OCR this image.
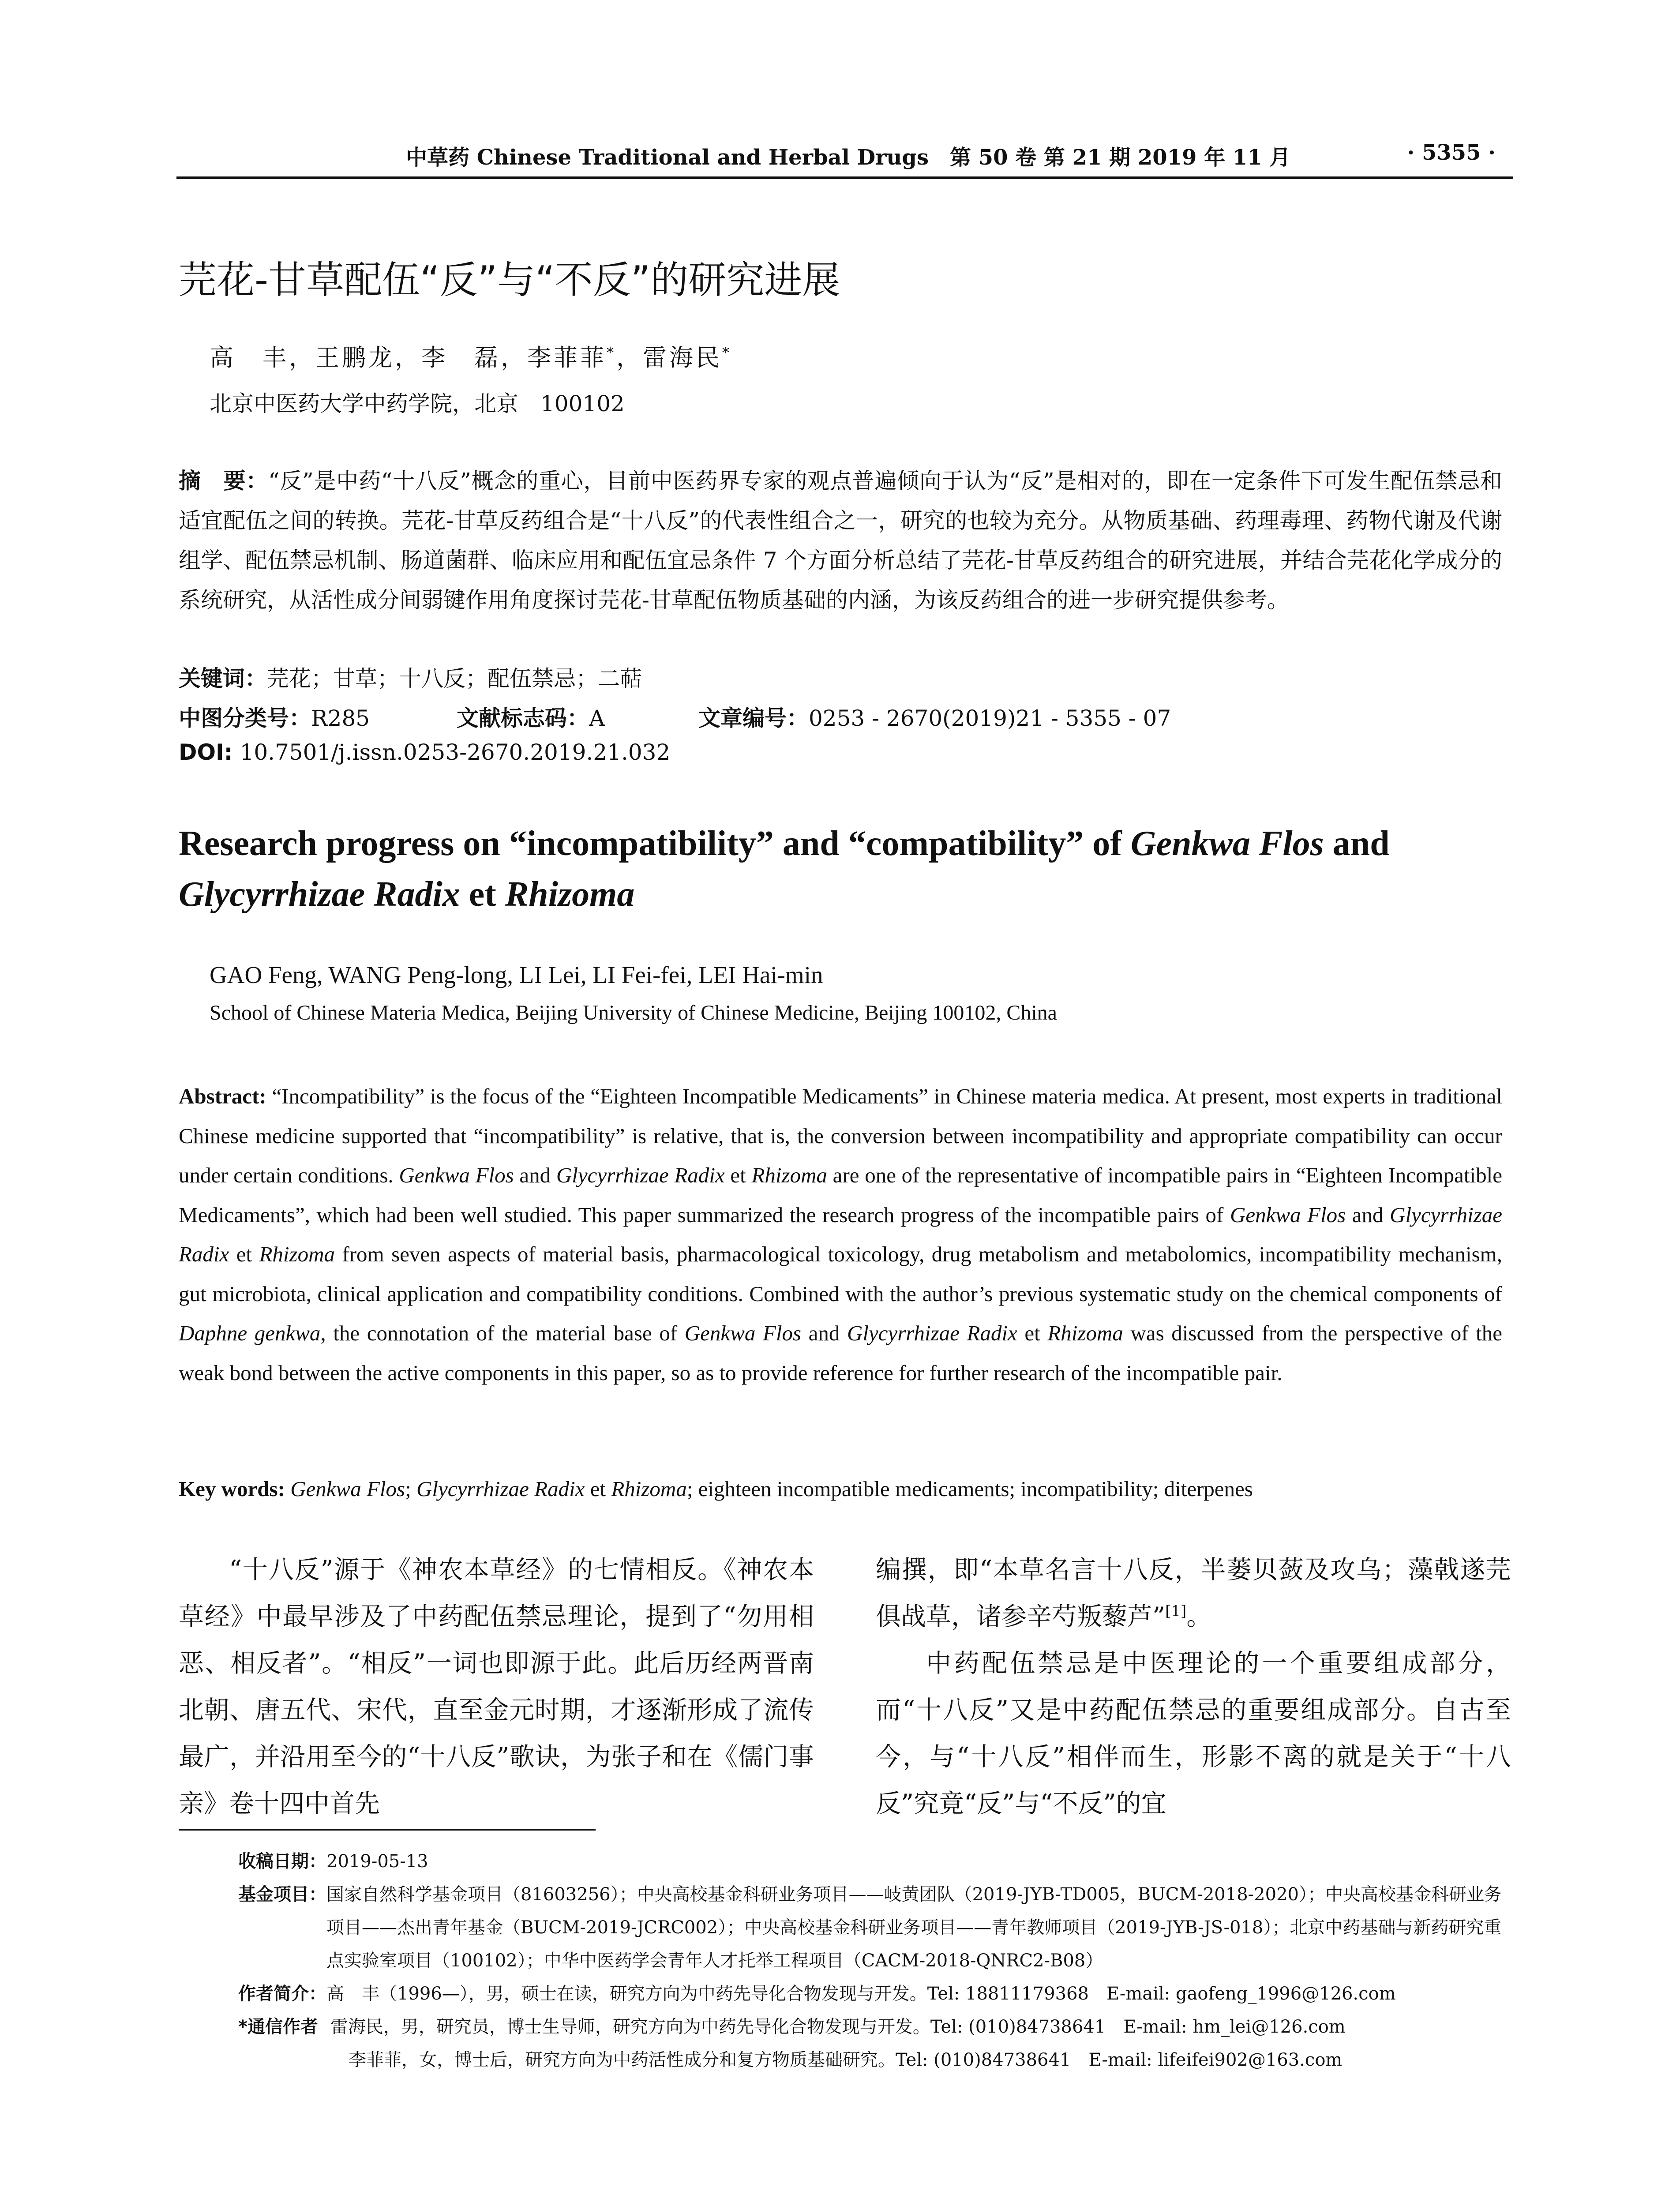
中草药 Chinese Traditional and Herbal Drugs　第 50 卷 第 21 期 2019 年 11 月	· 5355 ·
芫花-甘草配伍“反”与“不反”的研究进展
高　丰，王鹏龙，李　磊，李菲菲*，雷海民*
北京中医药大学中药学院，北京　100102
摘　要：“反”是中药“十八反”概念的重心，目前中医药界专家的观点普遍倾向于认为“反”是相对的，即在一定条件下可发生配伍禁忌和适宜配伍之间的转换。芫花-甘草反药组合是“十八反”的代表性组合之一，研究的也较为充分。从物质基础、药理毒理、药物代谢及代谢组学、配伍禁忌机制、肠道菌群、临床应用和配伍宜忌条件 7 个方面分析总结了芫花-甘草反药组合的研究进展，并结合芫花化学成分的系统研究，从活性成分间弱键作用角度探讨芫花-甘草配伍物质基础的内涵，为该反药组合的进一步研究提供参考。
关键词：芫花；甘草；十八反；配伍禁忌；二萜
中图分类号：R285	文献标志码：A	文章编号：0253 - 2670(2019)21 - 5355 - 07
DOI: 10.7501/j.issn.0253-2670.2019.21.032
Research progress on “incompatibility” and “compatibility” of Genkwa Flos and
Glycyrrhizae Radix et Rhizoma
GAO Feng, WANG Peng-long, LI Lei, LI Fei-fei, LEI Hai-min
School of Chinese Materia Medica, Beijing University of Chinese Medicine, Beijing 100102, China
Abstract: “Incompatibility” is the focus of the “Eighteen Incompatible Medicaments” in Chinese materia medica. At present, most experts in traditional Chinese medicine supported that “incompatibility” is relative, that is, the conversion between incompatibility and appropriate compatibility can occur under certain conditions. Genkwa Flos and Glycyrrhizae Radix et Rhizoma are one of the representative of incompatible pairs in “Eighteen Incompatible Medicaments”, which had been well studied. This paper summarized the research progress of the incompatible pairs of Genkwa Flos and Glycyrrhizae Radix et Rhizoma from seven aspects of material basis, pharmacological toxicology, drug metabolism and metabolomics, incompatibility mechanism, gut microbiota, clinical application and compatibility conditions. Combined with the author’s previous systematic study on the chemical components of Daphne genkwa, the connotation of the material base of Genkwa Flos and Glycyrrhizae Radix et Rhizoma was discussed from the perspective of the weak bond between the active components in this paper, so as to provide reference for further research of the incompatible pair.
Key words: Genkwa Flos; Glycyrrhizae Radix et Rhizoma; eighteen incompatible medicaments; incompatibility; diterpenes

“十八反”源于《神农本草经》的七情相反。《神农本草经》中最早涉及了中药配伍禁忌理论，提到了“勿用相恶、相反者”。“相反”一词也即源于此。此后历经两晋南北朝、唐五代、宋代，直至金元时期，才逐渐形成了流传最广，并沿用至今的“十八反”歌诀，为张子和在《儒门事亲》卷十四中首先

编撰，即“本草名言十八反，半蒌贝蔹及攻乌；藻戟遂芫俱战草，诸参辛芍叛藜芦”[1]。

中药配伍禁忌是中医理论的一个重要组成部分，而“十八反”又是中药配伍禁忌的重要组成部分。自古至今，与“十八反”相伴而生，形影不离的就是关于“十八反”究竟“反”与“不反”的宜

收稿日期： 2019-05-13
基金项目： 国家自然科学基金项目（81603256）；中央高校基金科研业务项目——岐黄团队（2019-JYB-TD005，BUCM-2018-2020）；中央高校基金科研业务项目——杰出青年基金（BUCM-2019-JCRC002）；中央高校基金科研业务项目——青年教师项目（2019-JYB-JS-018）；北京中药基础与新药研究重点实验室项目（100102）；中华中医药学会青年人才托举工程项目（CACM-2018-QNRC2-B08）
作者简介： 高　丰（1996—），男，硕士在读，研究方向为中药先导化合物发现与开发。Tel: 18811179368　E-mail: gaofeng_1996@126.com
*通信作者 雷海民，男，研究员，博士生导师，研究方向为中药先导化合物发现与开发。Tel: (010)84738641　E-mail: hm_lei@126.com
李菲菲，女，博士后，研究方向为中药活性成分和复方物质基础研究。Tel: (010)84738641　E-mail: lifeifei902@163.com
